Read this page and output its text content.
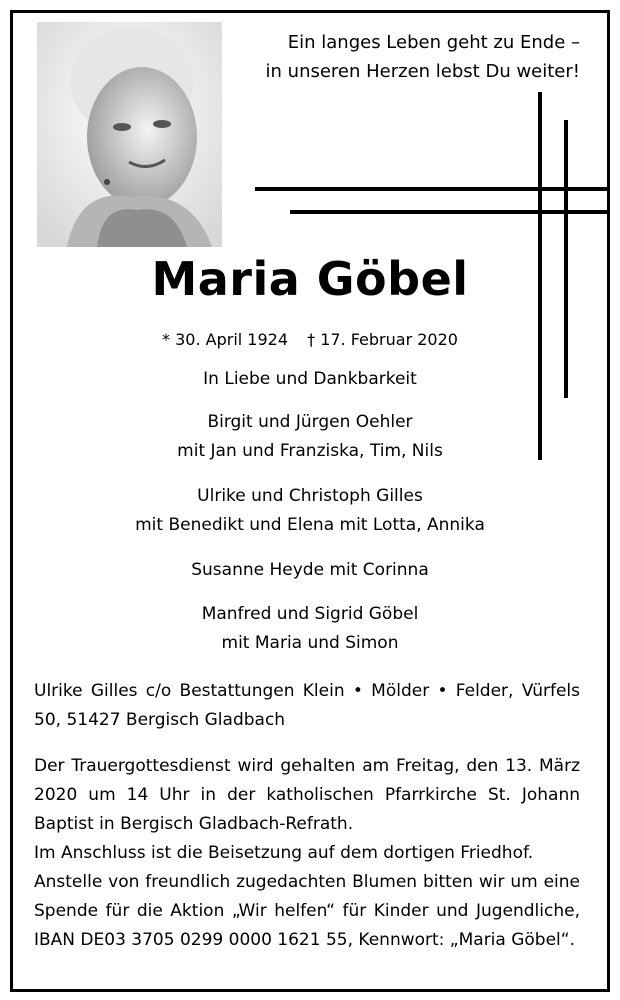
Ein langes Leben geht zu Ende –
in unseren Herzen lebst Du weiter!
Maria Göbel
* 30. April 1924 † 17. Februar 2020
In Liebe und Dankbarkeit
Birgit und Jürgen Oehler
mit Jan und Franziska, Tim, Nils
Ulrike und Christoph Gilles
mit Benedikt und Elena mit Lotta, Annika
Susanne Heyde mit Corinna
Manfred und Sigrid Göbel
mit Maria und Simon

Ulrike Gilles c/o Bestattungen Klein • Mölder • Felder, Vürfels 50, 51427 Bergisch Gladbach

Der Trauergottesdienst wird gehalten am Freitag, den 13. März 2020 um 14 Uhr in der katholischen Pfarrkirche St. Johann Baptist in Bergisch Gladbach-Refrath.

Im Anschluss ist die Beisetzung auf dem dortigen Friedhof.

Anstelle von freundlich zugedachten Blumen bitten wir um eine Spende für die Aktion „Wir helfen“ für Kinder und Jugendliche, IBAN DE03 3705 0299 0000 1621 55, Kennwort: „Maria Göbel“.
